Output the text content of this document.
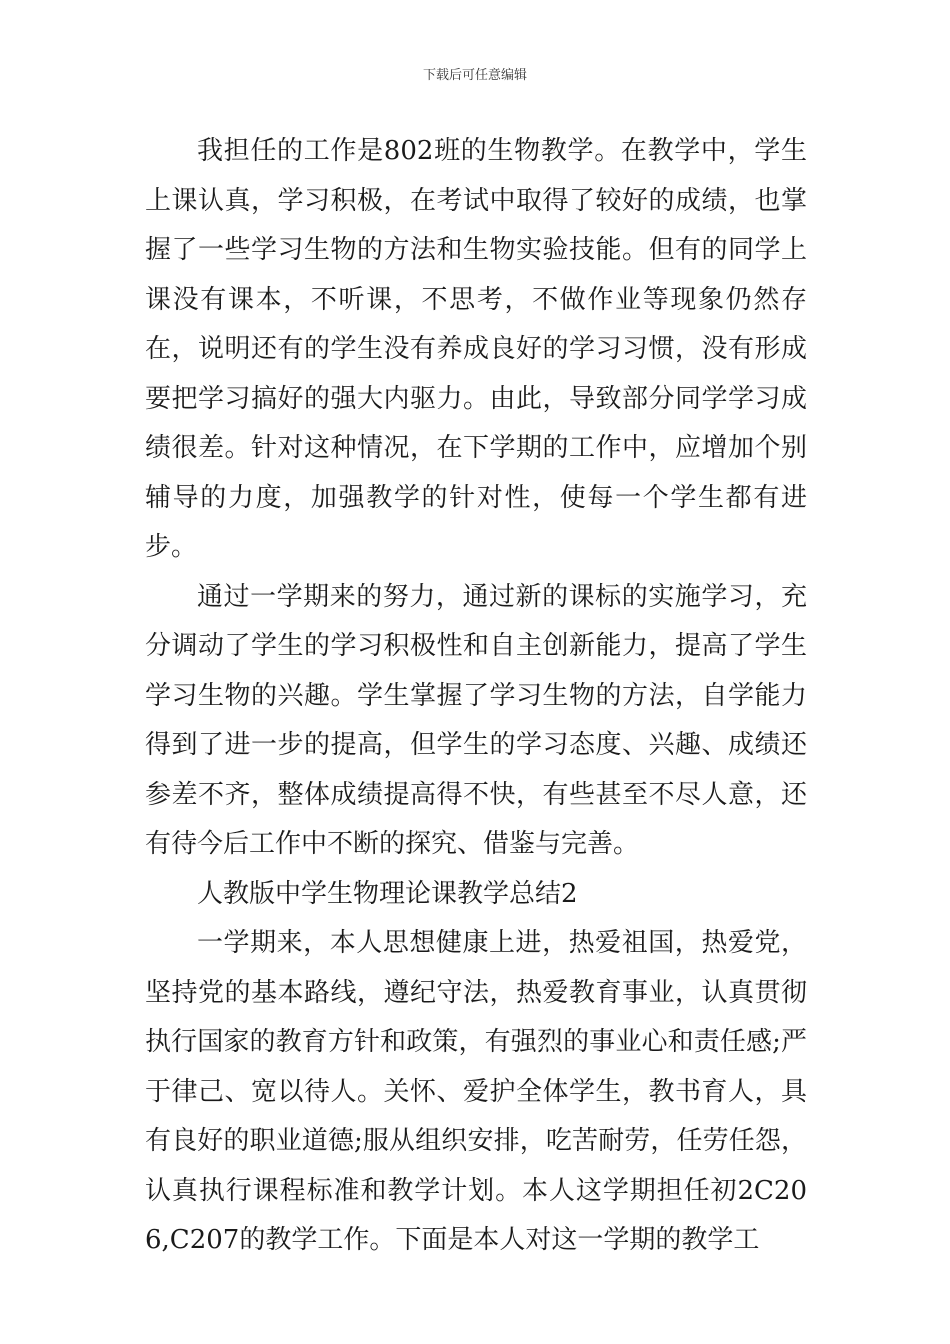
下载后可任意编辑

我担任的工作是802班的生物教学。在教学中，学生上课认真，学习积极，在考试中取得了较好的成绩，也掌握了一些学习生物的方法和生物实验技能。但有的同学上课没有课本，不听课，不思考，不做作业等现象仍然存在，说明还有的学生没有养成良好的学习习惯，没有形成要把学习搞好的强大内驱力。由此，导致部分同学学习成绩很差。针对这种情况，在下学期的工作中，应增加个别辅导的力度，加强教学的针对性，使每一个学生都有进步。

通过一学期来的努力，通过新的课标的实施学习，充分调动了学生的学习积极性和自主创新能力，提高了学生学习生物的兴趣。学生掌握了学习生物的方法，自学能力得到了进一步的提高，但学生的学习态度、兴趣、成绩还参差不齐，整体成绩提高得不快，有些甚至不尽人意，还有待今后工作中不断的探究、借鉴与完善。

人教版中学生物理论课教学总结2

一学期来，本人思想健康上进，热爱祖国，热爱党，坚持党的基本路线，遵纪守法，热爱教育事业，认真贯彻执行国家的教育方针和政策，有强烈的事业心和责任感;严于律己、宽以待人。关怀、爱护全体学生，教书育人，具有良好的职业道德;服从组织安排，吃苦耐劳，任劳任怨，认真执行课程标准和教学计划。本人这学期担任初2C206,C207的教学工作。下面是本人对这一学期的教学工
